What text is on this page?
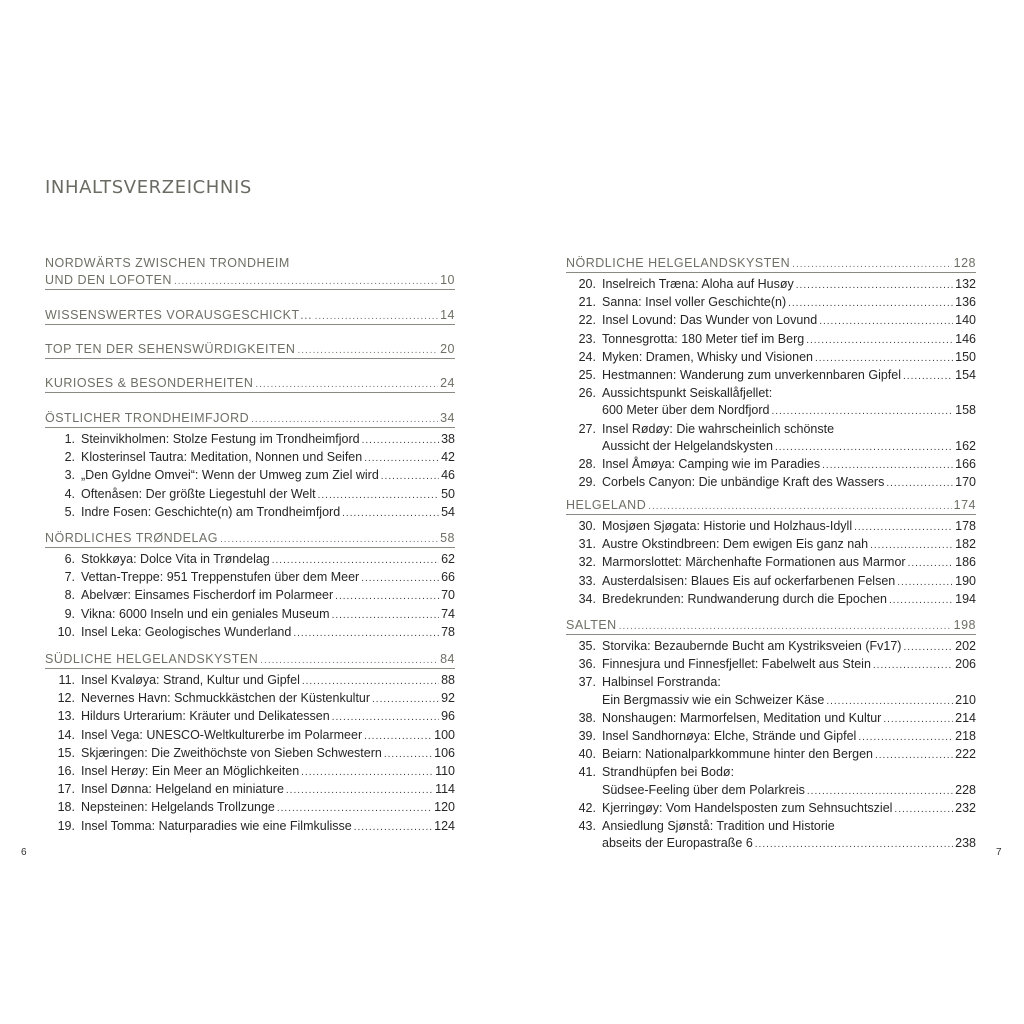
INHALTSVERZEICHNIS
NORDWÄRTS ZWISCHEN TRONDHEIM
UND DEN LOFOTEN .....	10
WISSENSWERTES VORAUSGESCHICKT… .....	14
TOP TEN DER SEHENSWÜRDIGKEITEN .....	20
KURIOSES & BESONDERHEITEN .....	24
ÖSTLICHER TRONDHEIMFJORD .....	34
1. Steinvikholmen: Stolze Festung im Trondheimfjord .....	38
2. Klosterinsel Tautra: Meditation, Nonnen und Seifen .....	42
3. „Den Gyldne Omvei“: Wenn der Umweg zum Ziel wird .....	46
4. Oftenåsen: Der größte Liegestuhl der Welt .....	50
5. Indre Fosen: Geschichte(n) am Trondheimfjord .....	54
NÖRDLICHES TRØNDELAG .....	58
6. Stokkøya: Dolce Vita in Trøndelag .....	62
7. Vettan-Treppe: 951 Treppenstufen über dem Meer .....	66
8. Abelvær: Einsames Fischerdorf im Polarmeer .....	70
9. Vikna: 6000 Inseln und ein geniales Museum .....	74
10. Insel Leka: Geologisches Wunderland .....	78
SÜDLICHE HELGELANDSKYSTEN .....	84
11. Insel Kvaløya: Strand, Kultur und Gipfel .....	88
12. Nevernes Havn: Schmuckkästchen der Küstenkultur .....	92
13. Hildurs Urterarium: Kräuter und Delikatessen .....	96
14. Insel Vega: UNESCO-Weltkulturerbe im Polarmeer .....	100
15. Skjæringen: Die Zweithöchste von Sieben Schwestern .....	106
16. Insel Herøy: Ein Meer an Möglichkeiten .....	110
17. Insel Dønna: Helgeland en miniature .....	114
18. Nepsteinen: Helgelands Trollzunge .....	120
19. Insel Tomma: Naturparadies wie eine Filmkulisse .....	124
NÖRDLICHE HELGELANDSKYSTEN .....	128
20. Inselreich Træna: Aloha auf Husøy .....	132
21. Sanna: Insel voller Geschichte(n) .....	136
22. Insel Lovund: Das Wunder von Lovund .....	140
23. Tonnesgrotta: 180 Meter tief im Berg .....	146
24. Myken: Dramen, Whisky und Visionen .....	150
25. Hestmannen: Wanderung zum unverkennbaren Gipfel .....	154
26. Aussichtspunkt Seiskallåfjellet:
600 Meter über dem Nordfjord .....	158
27. Insel Rødøy: Die wahrscheinlich schönste
Aussicht der Helgelandskysten .....	162
28. Insel Åmøya: Camping wie im Paradies .....	166
29. Corbels Canyon: Die unbändige Kraft des Wassers .....	170
HELGELAND .....	174
30. Mosjøen Sjøgata: Historie und Holzhaus-Idyll .....	178
31. Austre Okstindbreen: Dem ewigen Eis ganz nah .....	182
32. Marmorslottet: Märchenhafte Formationen aus Marmor .....	186
33. Austerdalsisen: Blaues Eis auf ockerfarbenen Felsen .....	190
34. Bredekrunden: Rundwanderung durch die Epochen .....	194
SALTEN .....	198
35. Storvika: Bezaubernde Bucht am Kystriksveien (Fv17) .....	202
36. Finnesjura und Finnesfjellet: Fabelwelt aus Stein .....	206
37. Halbinsel Forstranda:
Ein Bergmassiv wie ein Schweizer Käse .....	210
38. Nonshaugen: Marmorfelsen, Meditation und Kultur .....	214
39. Insel Sandhornøya: Elche, Strände und Gipfel .....	218
40. Beiarn: Nationalparkkommune hinter den Bergen .....	222
41. Strandhüpfen bei Bodø:
Südsee-Feeling über dem Polarkreis .....	228
42. Kjerringøy: Vom Handelsposten zum Sehnsuchtsziel .....	232
43. Ansiedlung Sjønstå: Tradition und Historie
abseits der Europastraße 6 .....	238
6	7
